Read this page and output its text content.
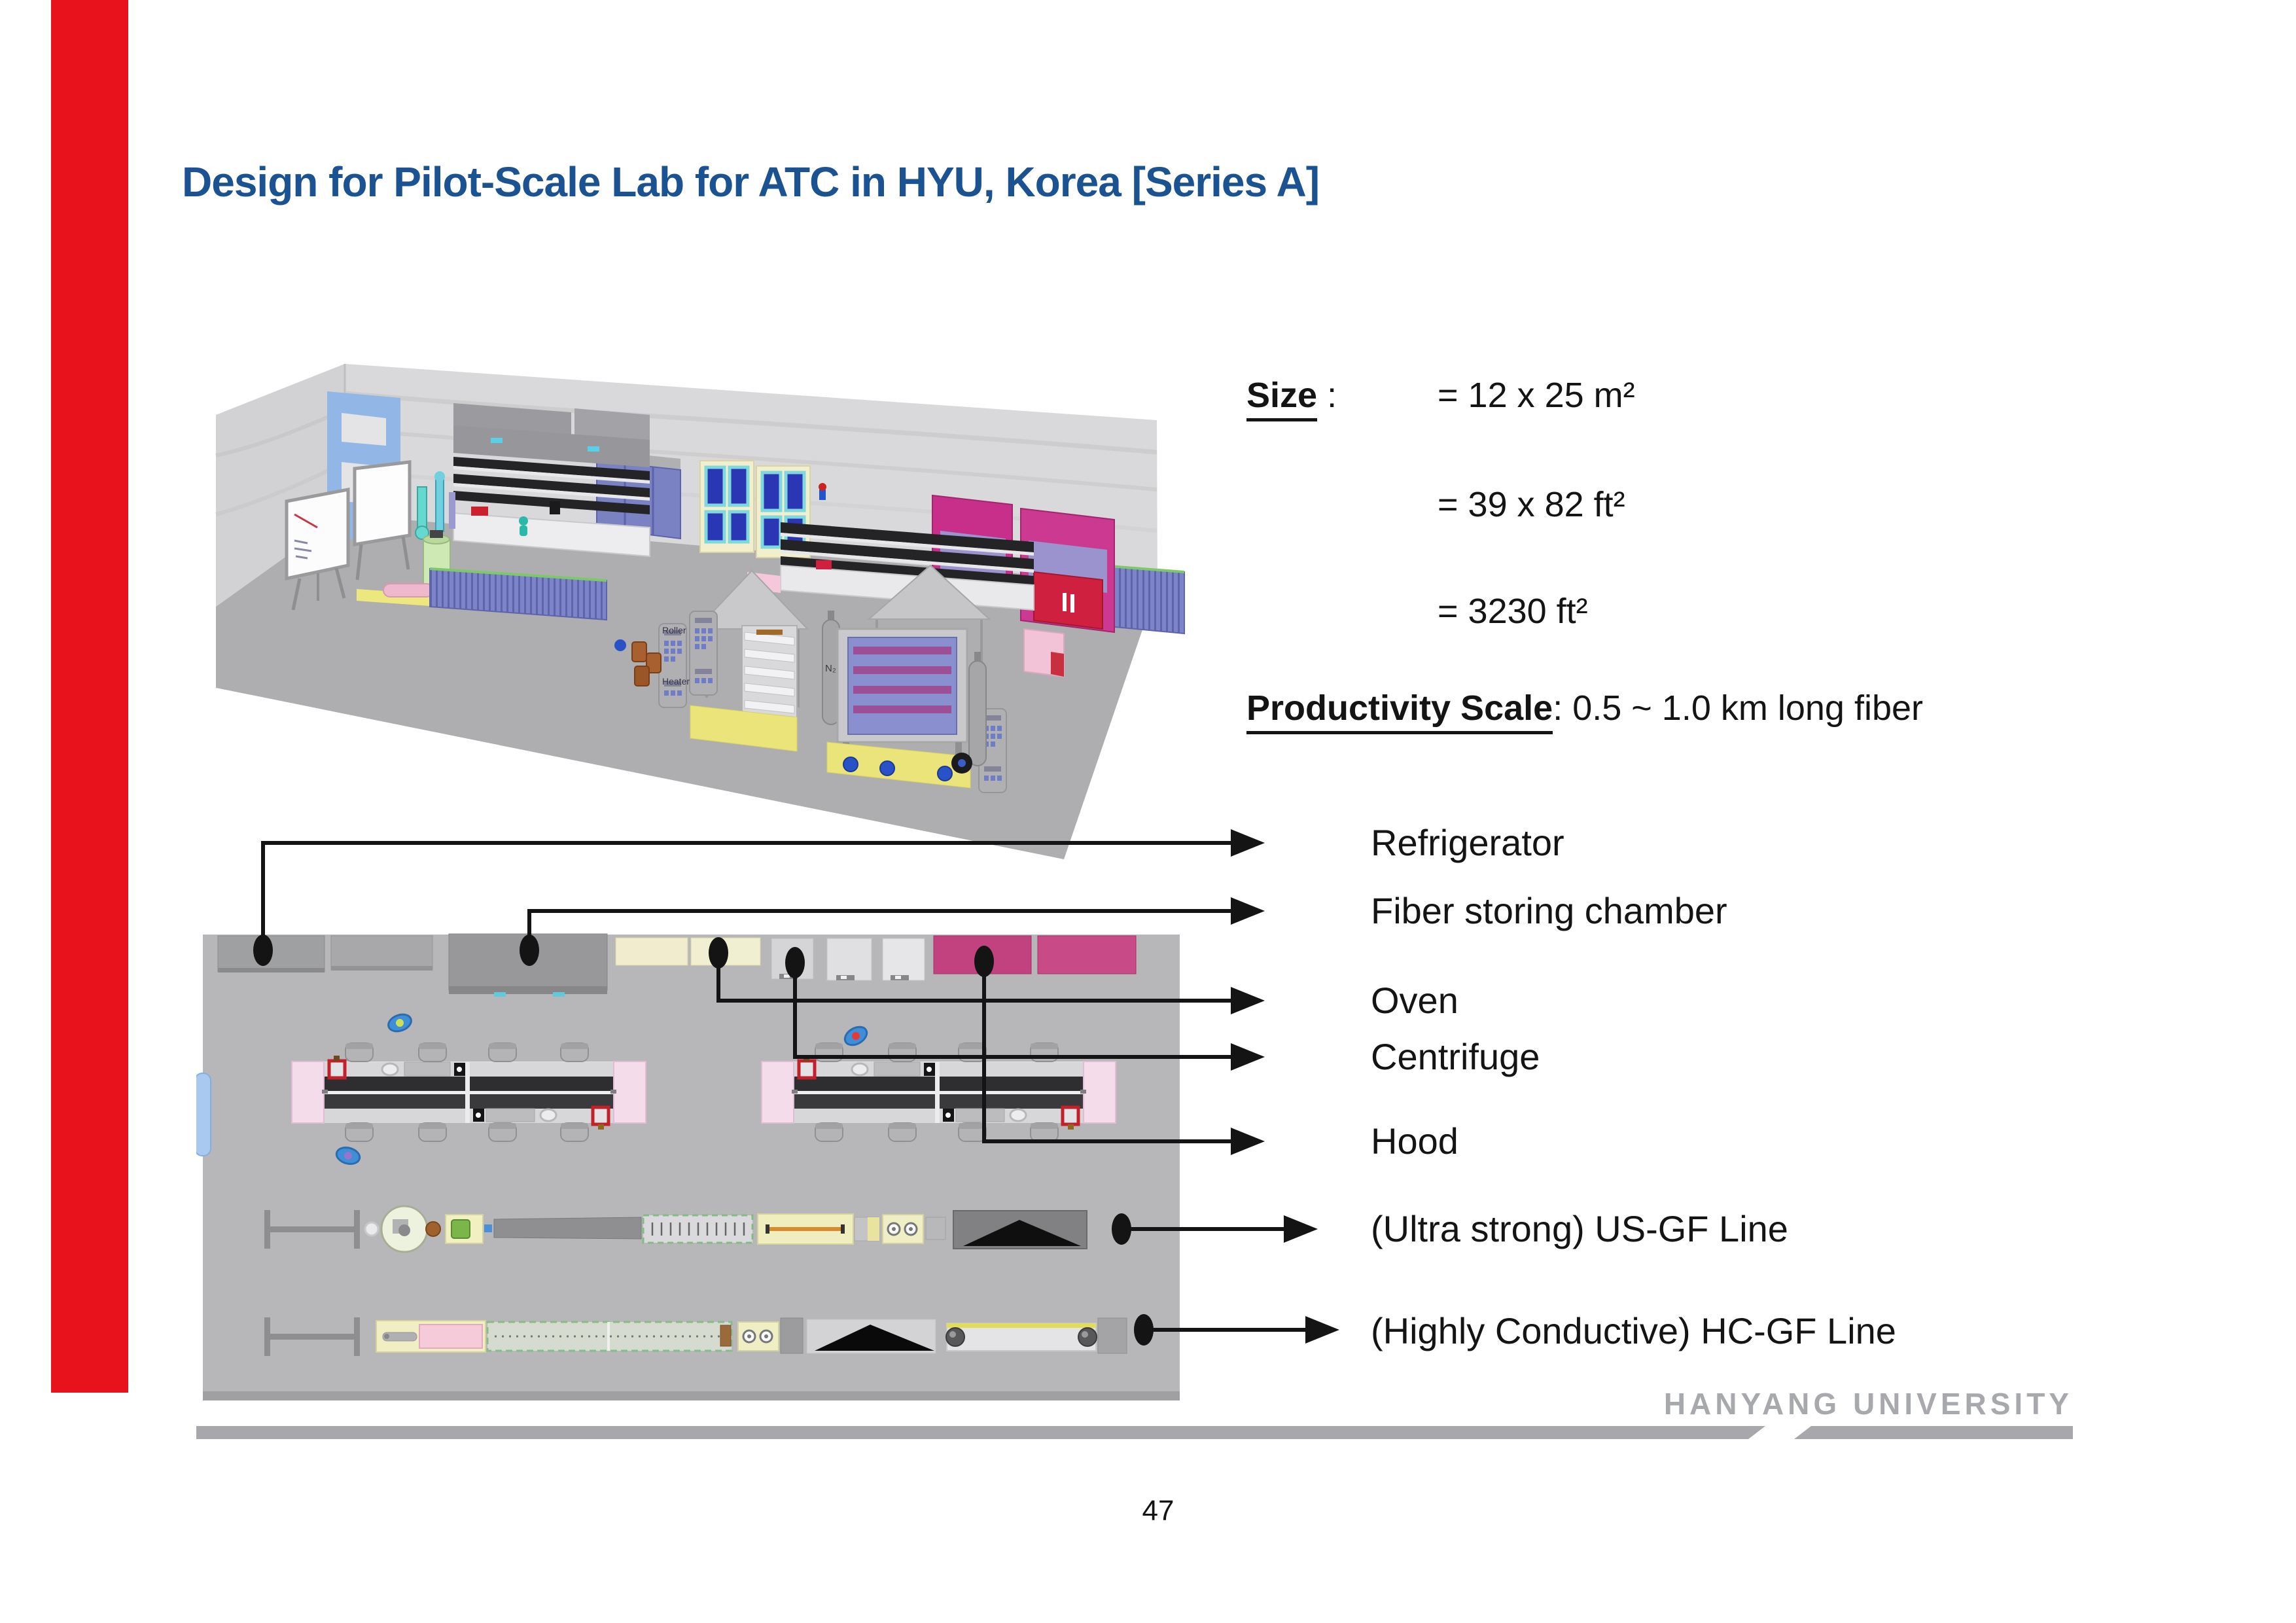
Design for Pilot-Scale Lab for ATC in HYU, Korea [Series A]
Roller
Heater
N₂
Size :	= 12 x 25 m²
= 39 x 82 ft²
= 3230 ft²
Productivity Scale: 0.5 ~ 1.0 km long fiber
Refrigerator
Fiber storing chamber
Oven
Centrifuge
Hood
(Ultra strong) US-GF Line
(Highly Conductive) HC-GF Line
HANYANG UNIVERSITY
47
